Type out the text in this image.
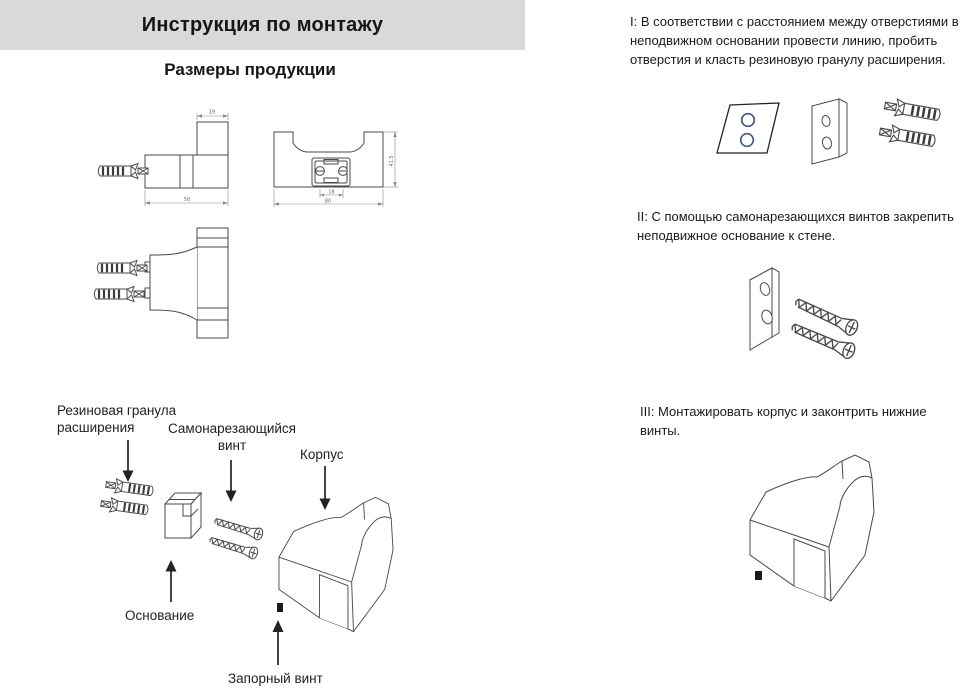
Инструкция по монтажу
Размеры продукции
19
50
41.5
18
80
Резиновая гранула расширения	Самонарезающийся винт
Корпус
Основание
Запорный винт
I: В соответствии с расстоянием между отверстиями в неподвижном основании провести линию, пробить отверстия и класть резиновую гранулу расширения.
II: С помощью самонарезающихся винтов закрепить неподвижное основание к стене.
III: Монтажировать корпус и законтрить нижние винты.
